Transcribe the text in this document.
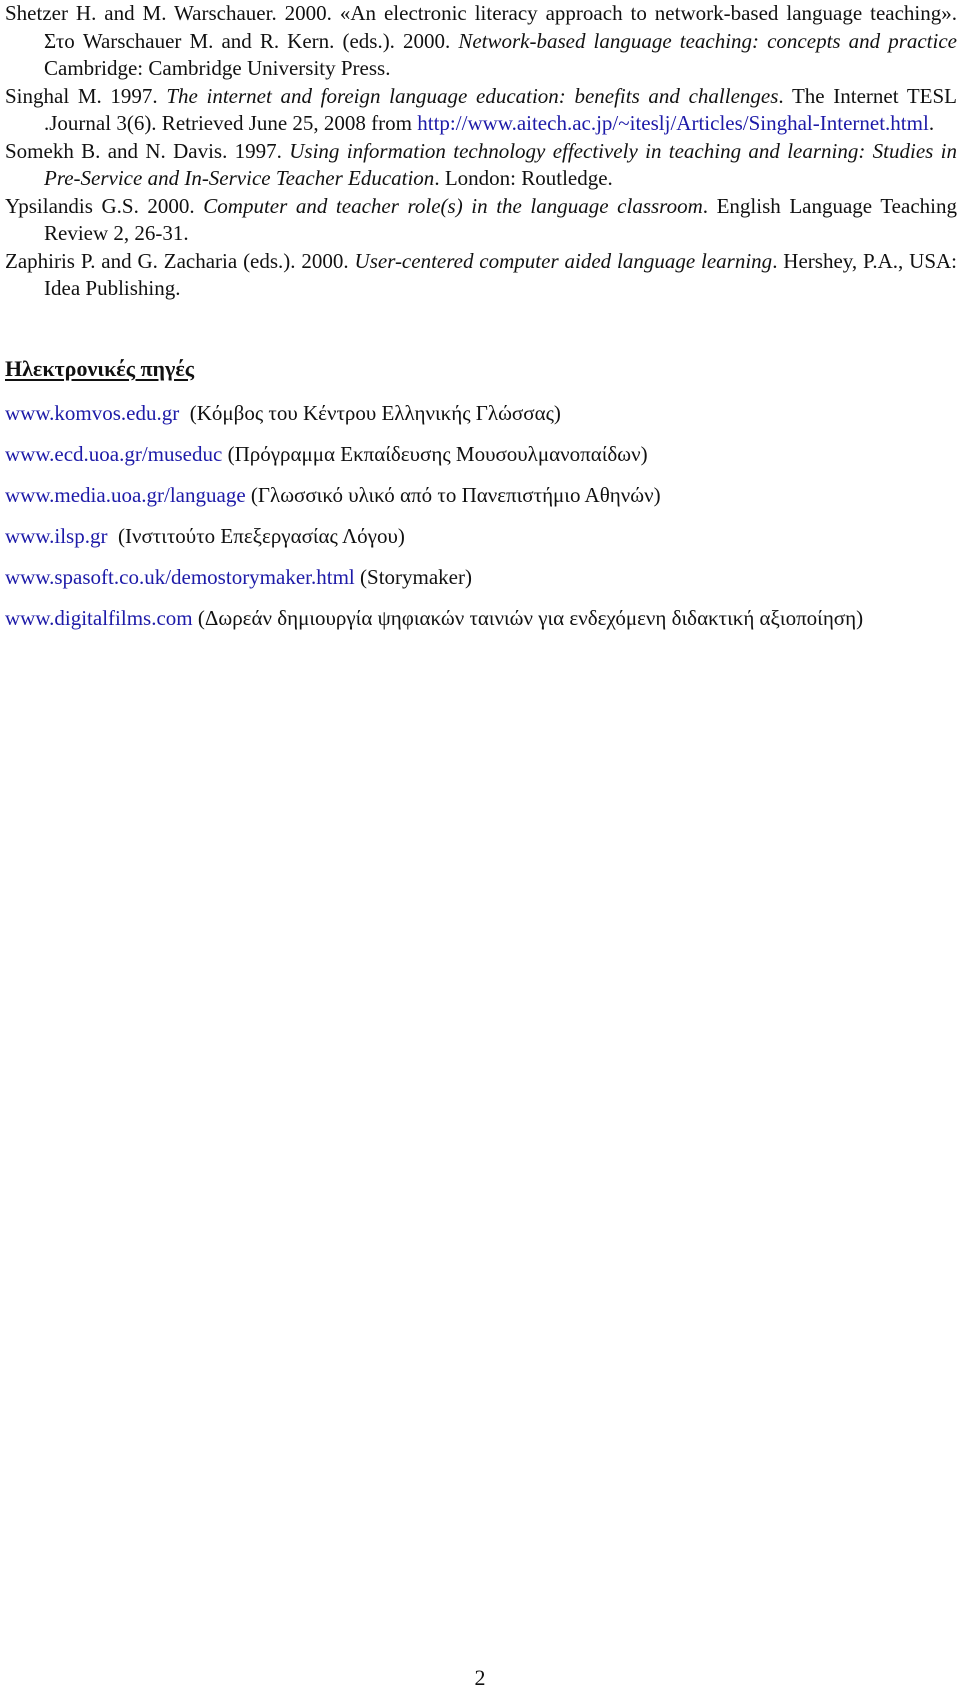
Shetzer H. and M. Warschauer. 2000. «An electronic literacy approach to network-based language teaching». Στο Warschauer M. and R. Kern. (eds.). 2000. Network-based language teaching: concepts and practice Cambridge: Cambridge University Press.

Singhal M. 1997. The internet and foreign language education: benefits and challenges. The Internet TESL .Journal 3(6). Retrieved June 25, 2008 from http://www.aitech.ac.jp/~iteslj/Articles/Singhal-Internet.html.

Somekh B. and N. Davis. 1997. Using information technology effectively in teaching and learning: Studies in Pre-Service and In-Service Teacher Education. London: Routledge.

Ypsilandis G.S. 2000. Computer and teacher role(s) in the language classroom. English Language Teaching Review 2, 26-31.

Zaphiris P. and G. Zacharia (eds.). 2000. User-centered computer aided language learning. Hershey, P.A., USA: Idea Publishing.

Ηλεκτρονικές πηγές

www.komvos.edu.gr  (Κόμβος του Κέντρου Ελληνικής Γλώσσας)

www.ecd.uoa.gr/museduc (Πρόγραμμα Εκπαίδευσης Μουσουλμανοπαίδων)

www.media.uoa.gr/language (Γλωσσικό υλικό από το Πανεπιστήμιο Αθηνών)

www.ilsp.gr  (Ινστιτούτο Επεξεργασίας Λόγου)

www.spasoft.co.uk/demostorymaker.html (Storymaker)

www.digitalfilms.com (Δωρεάν δημιουργία ψηφιακών ταινιών για ενδεχόμενη διδακτική αξιοποίηση)

2
